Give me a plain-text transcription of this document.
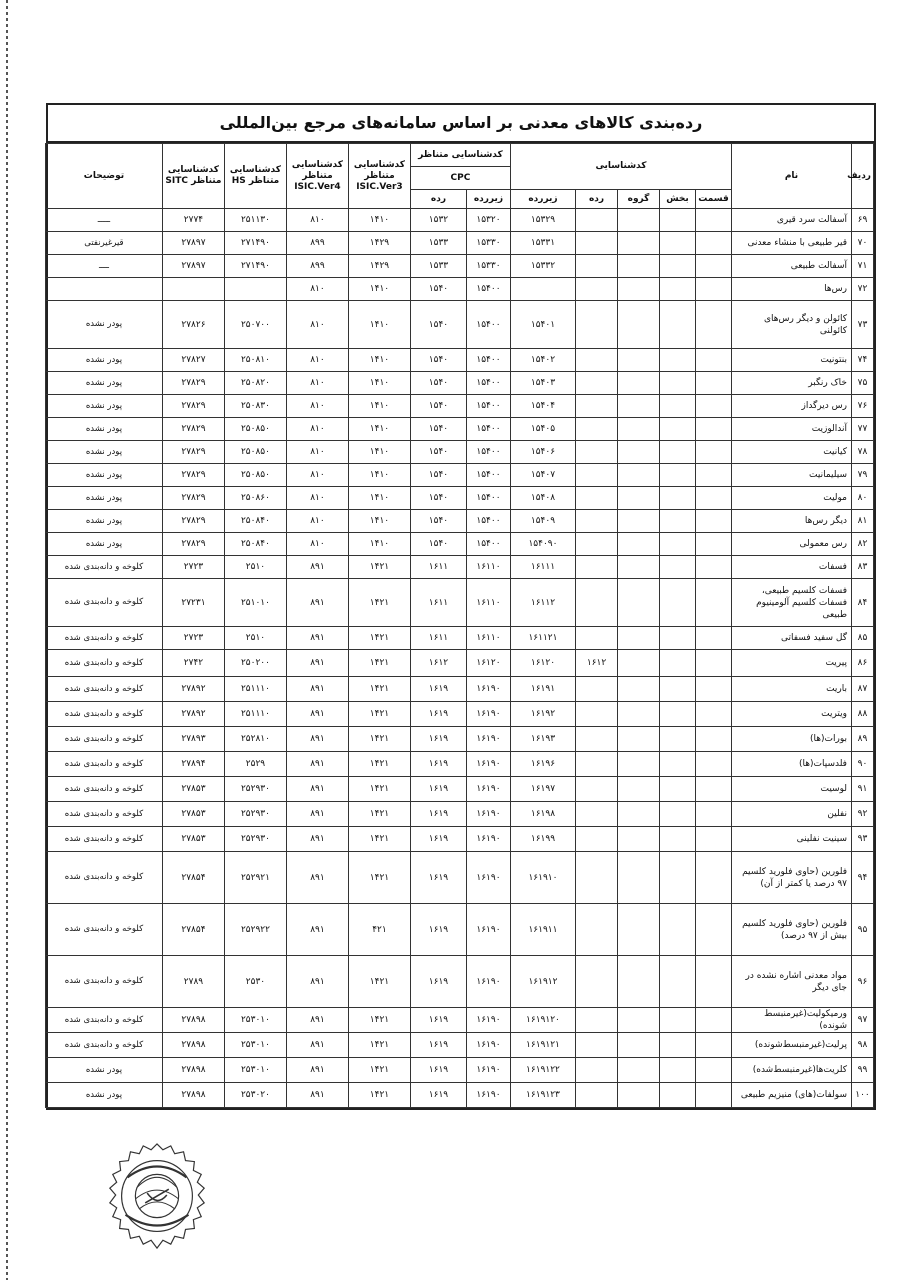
رده‌بندی کالاهای معدنی بر اساس سامانه‌های مرجع بین‌المللی
ردیف	نام	کدشناسایی					کدشناسایی متناظر		کدشناسایی متناظر ISIC.Ver3	کدشناسایی متناظر ISIC.Ver4	کدشناسایی متناظر HS	کدشناسایی متناظر SITC	توضیحات
							CPC						
		قسمت	بخش	گروه	رده	زیررده	زیررده	رده					
۶۹	آسفالت سرد قیری					۱۵۳۲۹	۱۵۳۲۰	۱۵۳۲	۱۴۱۰	۸۱۰	۲۵۱۱۳۰	۲۷۷۴	ـــــ
۷۰	قیر طبیعی با منشاء معدنی					۱۵۳۳۱	۱۵۳۳۰	۱۵۳۳	۱۴۲۹	۸۹۹	۲۷۱۴۹۰	۲۷۸۹۷	قیرغیرنفتی
۷۱	آسفالت طبیعی					۱۵۳۳۲	۱۵۳۳۰	۱۵۳۳	۱۴۲۹	۸۹۹	۲۷۱۴۹۰	۲۷۸۹۷	ــــ
۷۲	رس‌ها						۱۵۴۰۰	۱۵۴۰	۱۴۱۰	۸۱۰			
۷۳	کائولن و دیگر رس‌های کائولنی					۱۵۴۰۱	۱۵۴۰۰	۱۵۴۰	۱۴۱۰	۸۱۰	۲۵۰۷۰۰	۲۷۸۲۶	پودر نشده
۷۴	بنتونیت					۱۵۴۰۲	۱۵۴۰۰	۱۵۴۰	۱۴۱۰	۸۱۰	۲۵۰۸۱۰	۲۷۸۲۷	پودر نشده
۷۵	خاک رنگبر					۱۵۴۰۳	۱۵۴۰۰	۱۵۴۰	۱۴۱۰	۸۱۰	۲۵۰۸۲۰	۲۷۸۲۹	پودر نشده
۷۶	رس دیرگداز					۱۵۴۰۴	۱۵۴۰۰	۱۵۴۰	۱۴۱۰	۸۱۰	۲۵۰۸۳۰	۲۷۸۲۹	پودر نشده
۷۷	آندالوزیت					۱۵۴۰۵	۱۵۴۰۰	۱۵۴۰	۱۴۱۰	۸۱۰	۲۵۰۸۵۰	۲۷۸۲۹	پودر نشده
۷۸	کیانیت					۱۵۴۰۶	۱۵۴۰۰	۱۵۴۰	۱۴۱۰	۸۱۰	۲۵۰۸۵۰	۲۷۸۲۹	پودر نشده
۷۹	سیلیمانیت					۱۵۴۰۷	۱۵۴۰۰	۱۵۴۰	۱۴۱۰	۸۱۰	۲۵۰۸۵۰	۲۷۸۲۹	پودر نشده
۸۰	مولیت					۱۵۴۰۸	۱۵۴۰۰	۱۵۴۰	۱۴۱۰	۸۱۰	۲۵۰۸۶۰	۲۷۸۲۹	پودر نشده
۸۱	دیگر رس‌ها					۱۵۴۰۹	۱۵۴۰۰	۱۵۴۰	۱۴۱۰	۸۱۰	۲۵۰۸۴۰	۲۷۸۲۹	پودر نشده
۸۲	رس معمولی					۱۵۴۰۹۰	۱۵۴۰۰	۱۵۴۰	۱۴۱۰	۸۱۰	۲۵۰۸۴۰	۲۷۸۲۹	پودر نشده
۸۳	فسفات					۱۶۱۱۱	۱۶۱۱۰	۱۶۱۱	۱۴۲۱	۸۹۱	۲۵۱۰	۲۷۲۳	کلوخه و دانه‌بندی شده
۸۴	فسفات کلسیم طبیعی، فسفات کلسیم آلومینیوم طبیعی					۱۶۱۱۲	۱۶۱۱۰	۱۶۱۱	۱۴۲۱	۸۹۱	۲۵۱۰۱۰	۲۷۲۳۱	کلوخه و دانه‌بندی شده
۸۵	گل سفید فسفاتی					۱۶۱۱۲۱	۱۶۱۱۰	۱۶۱۱	۱۴۲۱	۸۹۱	۲۵۱۰	۲۷۲۳	کلوخه و دانه‌بندی شده
۸۶	پیریت				۱۶۱۲	۱۶۱۲۰	۱۶۱۲۰	۱۶۱۲	۱۴۲۱	۸۹۱	۲۵۰۲۰۰	۲۷۴۲	کلوخه و دانه‌بندی شده
۸۷	باریت					۱۶۱۹۱	۱۶۱۹۰	۱۶۱۹	۱۴۲۱	۸۹۱	۲۵۱۱۱۰	۲۷۸۹۲	کلوخه و دانه‌بندی شده
۸۸	ویتریت					۱۶۱۹۲	۱۶۱۹۰	۱۶۱۹	۱۴۲۱	۸۹۱	۲۵۱۱۱۰	۲۷۸۹۲	کلوخه و دانه‌بندی شده
۸۹	بورات(ها)					۱۶۱۹۳	۱۶۱۹۰	۱۶۱۹	۱۴۲۱	۸۹۱	۲۵۲۸۱۰	۲۷۸۹۳	کلوخه و دانه‌بندی شده
۹۰	فلدسپات(ها)					۱۶۱۹۶	۱۶۱۹۰	۱۶۱۹	۱۴۲۱	۸۹۱	۲۵۲۹	۲۷۸۹۴	کلوخه و دانه‌بندی شده
۹۱	لوسیت					۱۶۱۹۷	۱۶۱۹۰	۱۶۱۹	۱۴۲۱	۸۹۱	۲۵۲۹۳۰	۲۷۸۵۳	کلوخه و دانه‌بندی شده
۹۲	نفلین					۱۶۱۹۸	۱۶۱۹۰	۱۶۱۹	۱۴۲۱	۸۹۱	۲۵۲۹۳۰	۲۷۸۵۳	کلوخه و دانه‌بندی شده
۹۳	سینیت نفلینی					۱۶۱۹۹	۱۶۱۹۰	۱۶۱۹	۱۴۲۱	۸۹۱	۲۵۲۹۳۰	۲۷۸۵۳	کلوخه و دانه‌بندی شده
۹۴	فلورین (حاوی فلورید کلسیم ۹۷ درصد یا کمتر از آن)					۱۶۱۹۱۰	۱۶۱۹۰	۱۶۱۹	۱۴۲۱	۸۹۱	۲۵۲۹۲۱	۲۷۸۵۴	کلوخه و دانه‌بندی شده
۹۵	فلورین (حاوی فلورید کلسیم بیش از ۹۷ درصد)					۱۶۱۹۱۱	۱۶۱۹۰	۱۶۱۹	۴۲۱	۸۹۱	۲۵۲۹۲۲	۲۷۸۵۴	کلوخه و دانه‌بندی شده
۹۶	مواد معدنی اشاره نشده در جای دیگر					۱۶۱۹۱۲	۱۶۱۹۰	۱۶۱۹	۱۴۲۱	۸۹۱	۲۵۳۰	۲۷۸۹	کلوخه و دانه‌بندی شده
۹۷	ورمیکولیت(غیرمنبسط شونده)					۱۶۱۹۱۲۰	۱۶۱۹۰	۱۶۱۹	۱۴۲۱	۸۹۱	۲۵۳۰۱۰	۲۷۸۹۸	کلوخه و دانه‌بندی شده
۹۸	پرلیت(غیرمنبسط‌شونده)					۱۶۱۹۱۲۱	۱۶۱۹۰	۱۶۱۹	۱۴۲۱	۸۹۱	۲۵۳۰۱۰	۲۷۸۹۸	کلوخه و دانه‌بندی شده
۹۹	کلریت‌ها(غیرمنبسط‌شده)					۱۶۱۹۱۲۲	۱۶۱۹۰	۱۶۱۹	۱۴۲۱	۸۹۱	۲۵۳۰۱۰	۲۷۸۹۸	پودر نشده
۱۰۰	سولفات(های) منیزیم طبیعی					۱۶۱۹۱۲۳	۱۶۱۹۰	۱۶۱۹	۱۴۲۱	۸۹۱	۲۵۳۰۲۰	۲۷۸۹۸	پودر نشده
